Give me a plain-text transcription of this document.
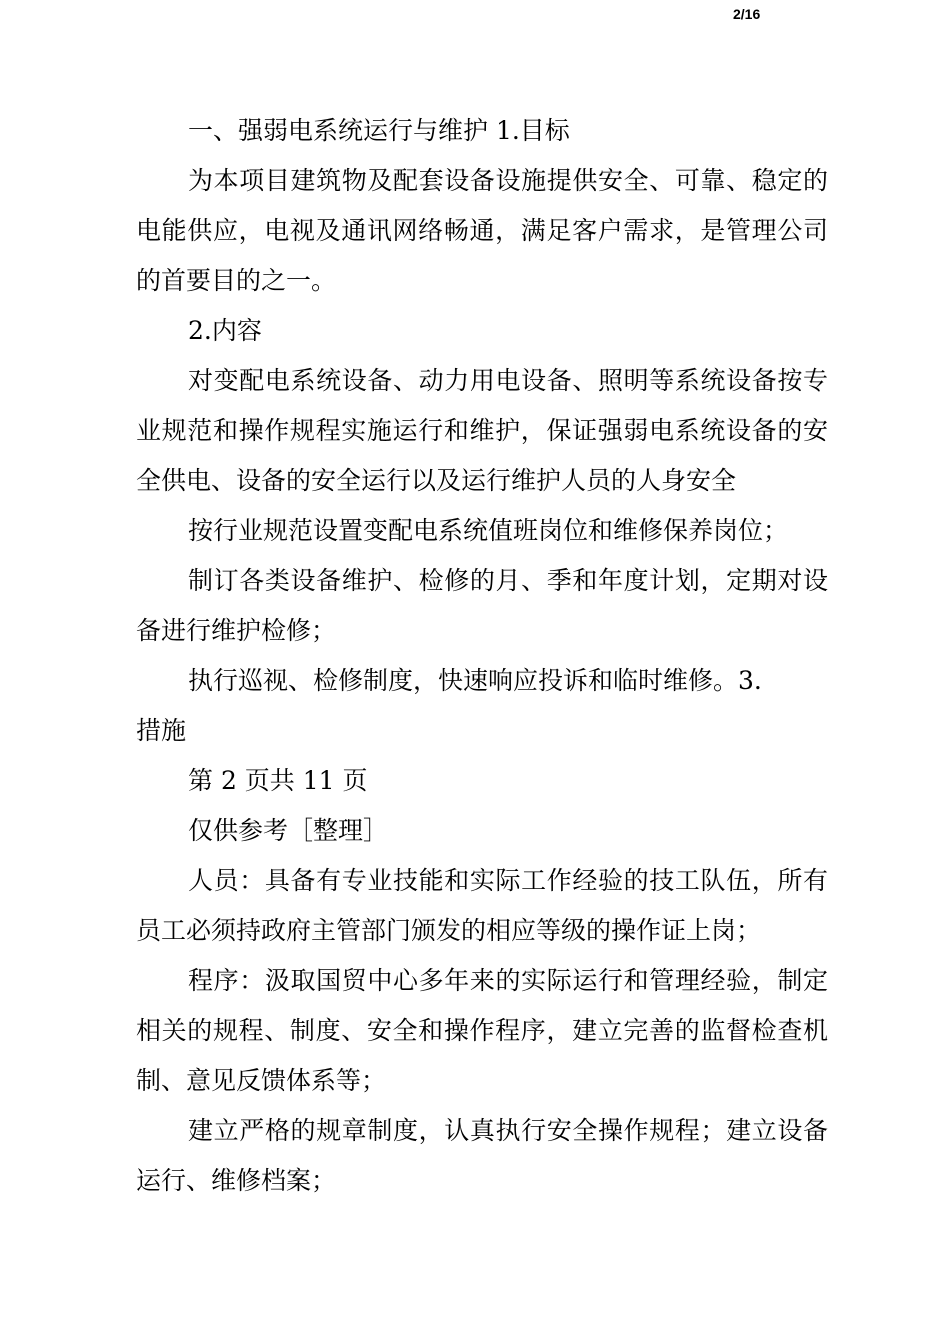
2/16

一、强弱电系统运行与维护 1.目标

为本项目建筑物及配套设备设施提供安全、可靠、稳定的电能供应，电视及通讯网络畅通，满足客户需求，是管理公司的首要目的之一。

2.内容

对变配电系统设备、动力用电设备、照明等系统设备按专业规范和操作规程实施运行和维护，保证强弱电系统设备的安全供电、设备的安全运行以及运行维护人员的人身安全

按行业规范设置变配电系统值班岗位和维修保养岗位；

制订各类设备维护、检修的月、季和年度计划，定期对设备进行维护检修；

执行巡视、检修制度，快速响应投诉和临时维修。3.

措施

第 2 页共 11 页

仅供参考［整理］

人员：具备有专业技能和实际工作经验的技工队伍，所有员工必须持政府主管部门颁发的相应等级的操作证上岗；

程序：汲取国贸中心多年来的实际运行和管理经验，制定相关的规程、制度、安全和操作程序，建立完善的监督检查机制、意见反馈体系等；

建立严格的规章制度，认真执行安全操作规程；建立设备运行、维修档案；
